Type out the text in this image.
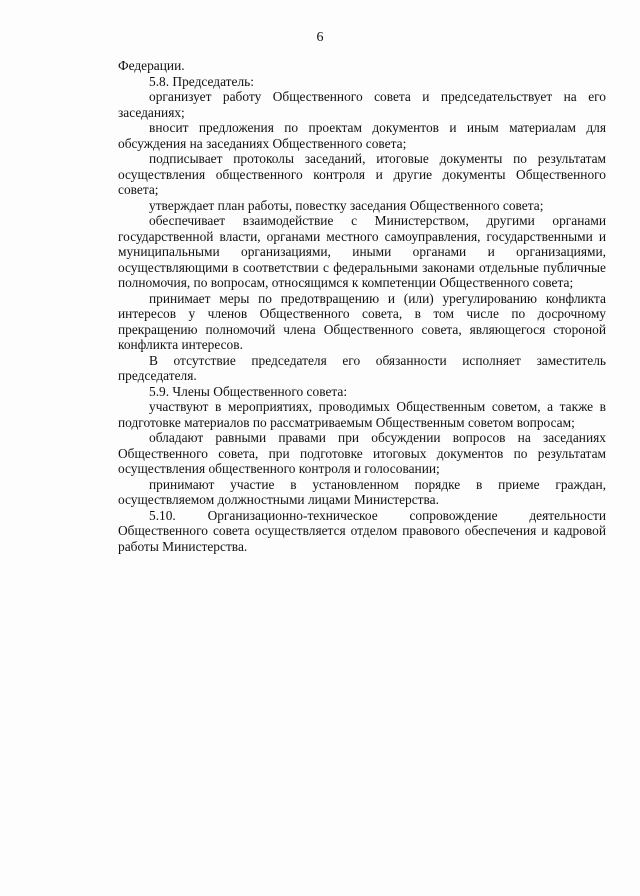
6

Федерации.

5.8. Председатель:

организует работу Общественного совета и председательствует на его заседаниях;

вносит предложения по проектам документов и иным материалам для обсуждения на заседаниях Общественного совета;

подписывает протоколы заседаний, итоговые документы по результатам осуществления общественного контроля и другие документы Общественного совета;

утверждает план работы, повестку заседания Общественного совета;

обеспечивает взаимодействие с Министерством, другими органами государственной власти, органами местного самоуправления, государственными и муниципальными организациями, иными органами и организациями, осуществляющими в соответствии с федеральными законами отдельные публичные полномочия, по вопросам, относящимся к компетенции Общественного совета;

принимает меры по предотвращению и (или) урегулированию конфликта интересов у членов Общественного совета, в том числе по досрочному прекращению полномочий члена Общественного совета, являющегося стороной конфликта интересов.

В отсутствие председателя его обязанности исполняет заместитель председателя.

5.9. Члены Общественного совета:

участвуют в мероприятиях, проводимых Общественным советом, а также в подготовке материалов по рассматриваемым Общественным советом вопросам;

обладают равными правами при обсуждении вопросов на заседаниях Общественного совета, при подготовке итоговых документов по результатам осуществления общественного контроля и голосовании;

принимают участие в установленном порядке в приеме граждан, осуществляемом должностными лицами Министерства.

5.10. Организационно-техническое сопровождение деятельности Общественного совета осуществляется отделом правового обеспечения и кадровой работы Министерства.
